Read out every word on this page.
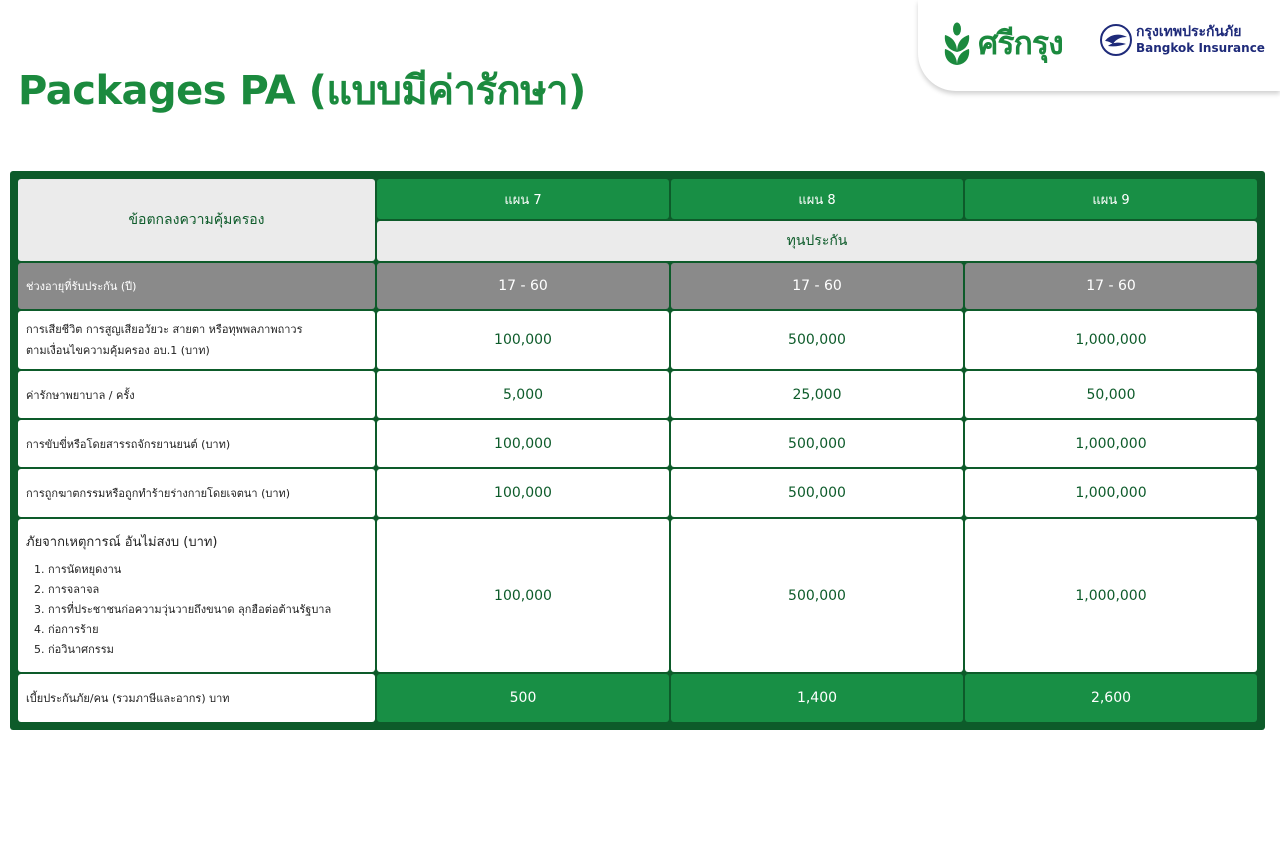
ศรีกรุง	กรุงเทพประกันภัย
Bangkok Insurance
Packages PA (แบบมีค่ารักษา)
ข้อตกลงความคุ้มครอง
แผน 7	แผน 8	แผน 9
ทุนประกัน
ช่วงอายุที่รับประกัน (ปี)	17 - 60	17 - 60	17 - 60
การเสียชีวิต การสูญเสียอวัยวะ สายตา หรือทุพพลภาพถาวร
ตามเงื่อนไขความคุ้มครอง อบ.1 (บาท)
100,000	500,000	1,000,000
ค่ารักษาพยาบาล / ครั้ง	5,000	25,000	50,000
การขับขี่หรือโดยสารรถจักรยานยนต์ (บาท)	100,000	500,000	1,000,000
การถูกฆาตกรรมหรือถูกทำร้ายร่างกายโดยเจตนา (บาท)	100,000	500,000	1,000,000
ภัยจากเหตุการณ์ อันไม่สงบ (บาท)
1. การนัดหยุดงาน
2. การจลาจล
3. การที่ประชาชนก่อความวุ่นวายถึงขนาด ลุกฮือต่อต้านรัฐบาล
4. ก่อการร้าย
5. ก่อวินาศกรรม
100,000	500,000	1,000,000
เบี้ยประกันภัย/คน (รวมภาษีและอากร) บาท	500	1,400	2,600
